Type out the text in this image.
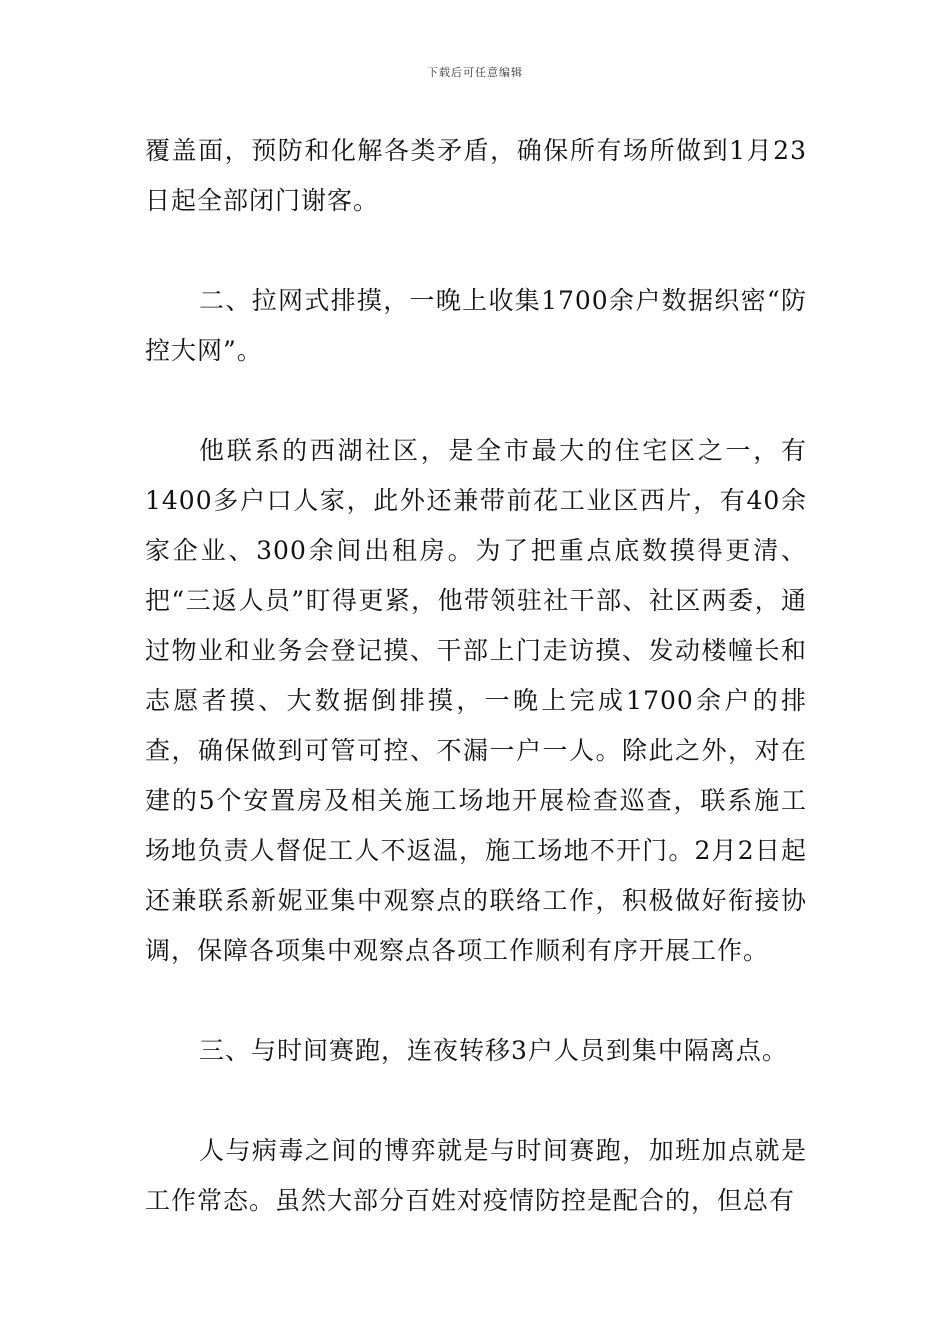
下载后可任意编辑

覆盖面，预防和化解各类矛盾，确保所有场所做到1月23日起全部闭门谢客。

二、拉网式排摸，一晚上收集1700余户数据织密“防控大网”。

他联系的西湖社区，是全市最大的住宅区之一，有1400多户口人家，此外还兼带前花工业区西片，有40余家企业、300余间出租房。为了把重点底数摸得更清、把“三返人员”盯得更紧，他带领驻社干部、社区两委，通过物业和业务会登记摸、干部上门走访摸、发动楼幢长和志愿者摸、大数据倒排摸，一晚上完成1700余户的排查，确保做到可管可控、不漏一户一人。除此之外，对在建的5个安置房及相关施工场地开展检查巡查，联系施工场地负责人督促工人不返温，施工场地不开门。2月2日起还兼联系新妮亚集中观察点的联络工作，积极做好衔接协调，保障各项集中观察点各项工作顺利有序开展工作。

三、与时间赛跑，连夜转移3户人员到集中隔离点。

人与病毒之间的博弈就是与时间赛跑，加班加点就是工作常态。虽然大部分百姓对疫情防控是配合的，但总有
